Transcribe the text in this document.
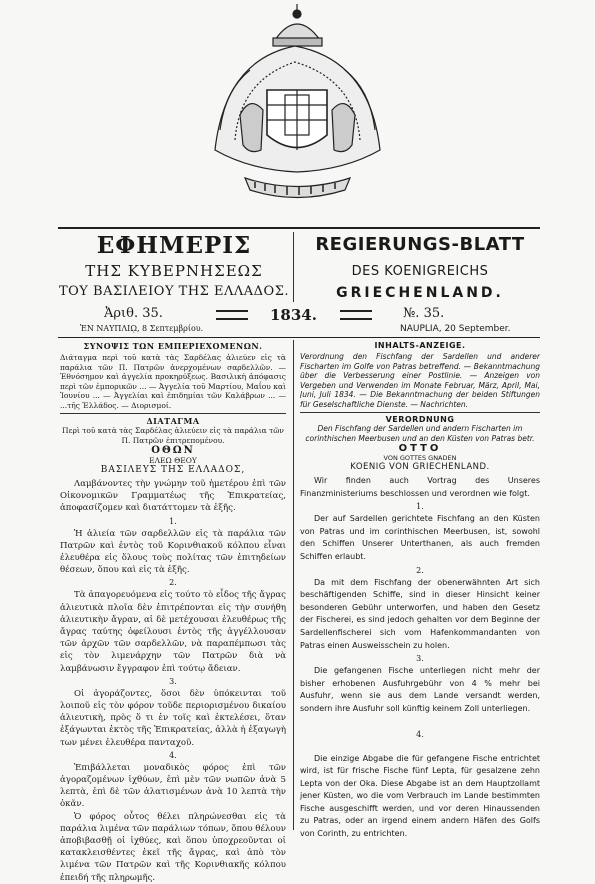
ΕΦΗΜΕΡΙΣ
ΤΗΣ ΚΥΒΕΡΝΗΣΕΩΣ
ΤΟΥ ΒΑΣΙΛΕΙΟΥ ΤΗΣ ΕΛΛΑΔΟΣ.
REGIERUNGS-BLATT
DES KOENIGREICHS
GRIECHENLAND.
Ἀριθ. 35.	1834.	№. 35.
ἘΝ ΝΑΥΠΛΙῼ, 8 Σεπτεμβρίου.	NAUPLIA, 20 September.
ΣΥΝΟΨΙΣ ΤΩΝ ΕΜΠΕΡΙΕΧΟΜΕΝΩΝ.
Διάταγμα περὶ τοῦ κατὰ τὰς Σαρδέλας ἁλιεύεν εἰς τὰ παράλια τῶν Π. Πατρῶν ἀνερχομένων σαρδελλῶν. — Ἐθνόσημον καὶ ἀγγελία προκηρύξεως. Βασιλικὴ ἀπόφασις περὶ τῶν ἐμπορικῶν ... — Ἀγγελία τοῦ Μαρτίου, Μαΐου καὶ Ἰουνίου ... — Ἀγγελίαι καὶ ἐπιδημίαι τῶν Καλάβρων ... — ...τῆς Ἑλλάδος. — Διορισμοί.
ΔΙΑΤΑΓΜΑ
Περὶ τοῦ κατὰ τὰς Σαρδέλας ἁλιεύειν εἰς τὰ παράλια τῶν Π. Πατρῶν ἐπιτρεπομένου.
ΟΘΩΝ
ΕΛΕΩ ΘΕΟΥ
ΒΑΣΙΛΕΥΣ ΤΗΣ ΕΛΛΑΔΟΣ,
Λαμβάνοντες τὴν γνώμην τοῦ ἡμετέρου ἐπὶ τῶν Οἰκονομικῶν Γραμματέως τῆς Ἐπικρατείας, ἀποφασίζομεν καὶ διατάττομεν τὰ ἑξῆς.
1.
Ἡ ἁλιεία τῶν σαρδελλῶν εἰς τὰ παράλια τῶν Πατρῶν καὶ ἐντὸς τοῦ Κορινθιακοῦ κόλπου εἶναι ἐλευθέρα εἰς ὅλους τοὺς πολίτας τῶν ἐπιτηδείων θέσεων, ὅπου καὶ εἰς τὰ ἑξῆς.
2.
Τὰ ἀπαγορευόμενα εἰς τούτο τὸ εἶδος τῆς ἄγρας ἀλιευτικὰ πλοῖα δὲν ἐπιτρέπονται εἰς τὴν συνήθη ἀλιευτικὴν ἄγραν, αἱ δὲ μετέχουσαι ἐλευθέρως τῆς ἄγρας ταύτης ὀφείλουσι ἐντὸς τῆς ἀγγέλλουσαν τῶν ἀρχῶν τῶν σαρδελλῶν, νὰ παραπέμπωσι τὰς εἰς τὸν λιμενάρχην τῶν Πατρῶν διὰ νὰ λαμβάνωσιν ἔγγραφον ἐπὶ τούτῳ ἄδειαν.
3.
Οἱ ἀγοράζοντες, ὅσοι δὲν ὑπόκεινται τοῦ λοιποῦ εἰς τὸν φόρον τοῦδε περιορισμένου δικαίου ἁλιευτικὴ, πρὸς ὅ τι ἐν τοῖς καὶ ἐκτελέσει, ὅταν ἐξάγωνται ἐκτὸς τῆς Ἐπικρατείας, ἀλλὰ ἡ ἐξαγωγὴ των μένει ἐλευθέρα πανταχοῦ.
4.
Ἐπιβάλλεται μοναδικὸς φόρος ἐπὶ τῶν ἀγοραζομένων ἰχθύων, ἐπὶ μὲν τῶν νωπῶν ἀνὰ 5 λεπτὰ, ἐπὶ δὲ τῶν ἁλατισμένων ἀνὰ 10 λεπτὰ τὴν ὀκᾶν.
Ὁ φόρος οὗτος θέλει πληρώνεσθαι εἰς τὰ παράλια λιμένα τῶν παράλιων τόπων, ὅπου θέλουν ἀποβιβασθῇ οἱ ἰχθύες, καὶ ὅπου ὑποχρεοῦνται οἱ κατακλεισθέντες ἐκεῖ τῆς ἄγρας, καὶ ἀπὸ τὸν λιμένα τῶν Πατρῶν καὶ τῆς Κορινθιακῆς κόλπου ἐπειδή τῆς πληρωμῆς.
INHALTS-ANZEIGE.
Verordnung den Fischfang der Sardellen und anderer Fischarten im Golfe von Patras betreffend. — Bekanntmachung über die Verbesserung einer Postlinie. — Anzeigen von Vergeben und Verwenden im Monate Februar, März, April, Mai, Juni, Juli 1834. — Die Bekanntmachung der beiden Stiftungen für Geselschaftliche Dienste. — Nachrichten.
VERORDNUNG
Den Fischfang der Sardellen und andern Fischarten im corinthischen Meerbusen und an den Küsten von Patras betr.
OTTO
VON GOTTES GNADEN
KOENIG VON GRIECHENLAND.
Wir finden auch Vortrag des Unseres Finanzministeriums beschlossen und verordnen wie folgt.
1.
Der auf Sardellen gerichtete Fischfang an den Küsten von Patras und im corinthischen Meerbusen, ist, sowohl den Schiffen Unserer Unterthanen, als auch fremden Schiffen erlaubt.
2.
Da mit dem Fischfang der obenerwähnten Art sich beschäftigenden Schiffe, sind in dieser Hinsicht keiner besonderen Gebühr unterworfen, und haben den Gesetz der Fischerei, es sind jedoch gehalten vor dem Beginne der Sardellenfischerei sich vom Hafenkommandanten von Patras einen Ausweisschein zu holen.
3.
Die gefangenen Fische unterliegen nicht mehr der bisher erhobenen Ausfuhrgebühr von 4 % mehr bei Ausfuhr, wenn sie aus dem Lande versandt werden, sondern ihre Ausfuhr soll künftig keinem Zoll unterliegen.
4.
Die einzige Abgabe die für gefangene Fische entrichtet wird, ist für frische Fische fünf Lepta, für gesalzene zehn Lepta von der Oka. Diese Abgabe ist an dem Hauptzollamt jener Küsten, wo die vom Verbrauch im Lande bestimmten Fische ausgeschifft werden, und vor deren Hinaussenden zu Patras, oder an irgend einem andern Häfen des Golfs von Corinth, zu entrichten.
